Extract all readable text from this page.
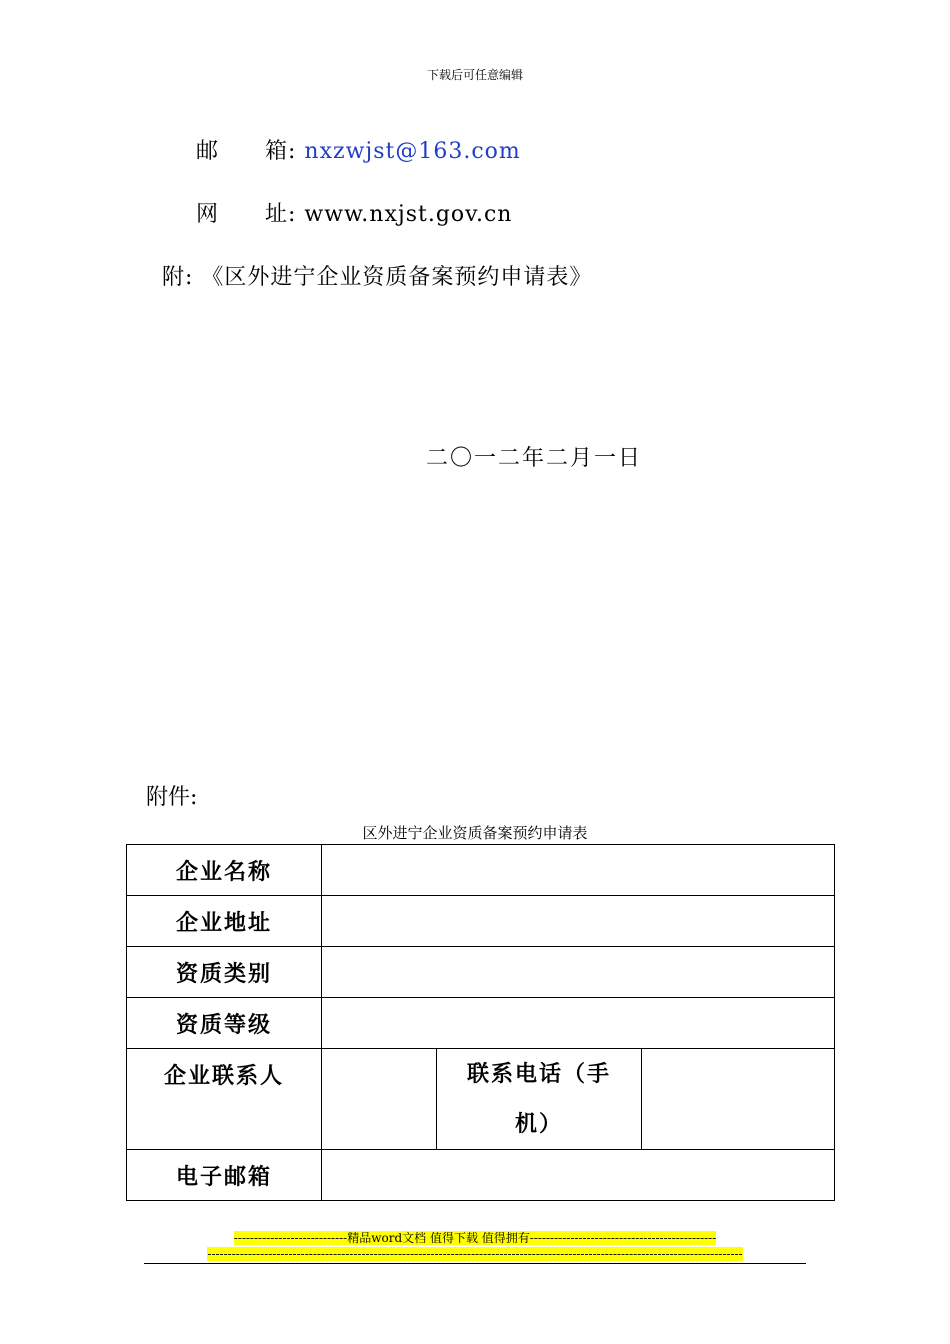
下载后可任意编辑
邮　　箱: nxzwjst@163.com
网　　址: www.nxjst.gov.cn
附: 《区外进宁企业资质备案预约申请表》
二〇一二年二月一日
附件:
区外进宁企业资质备案预约申请表
企业名称			
企业地址			
资质类别			
资质等级			
企业联系人		联系电话（手机）	

电子邮箱			
----------------------------精品word文档 值得下载 值得拥有----------------------------------------------
------------------------------------------------------------------------------------------------------------------------------------
